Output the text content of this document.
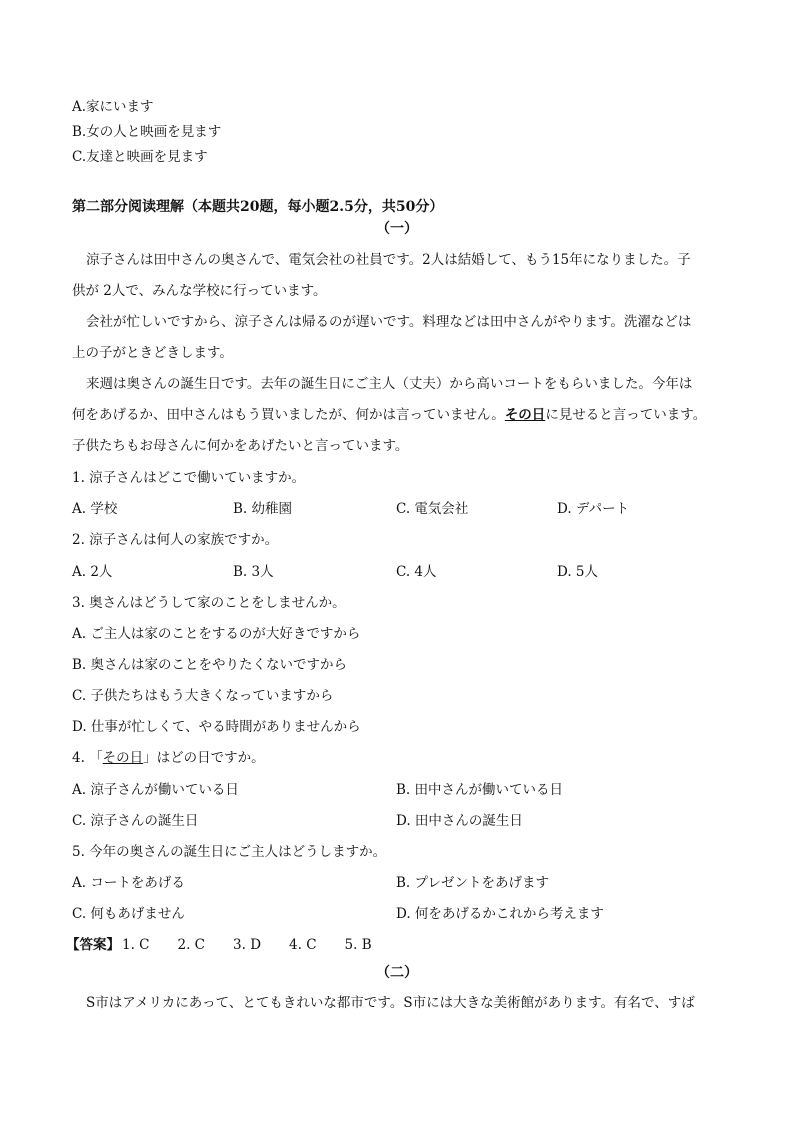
A.家にいます
B.女の人と映画を見ます
C.友達と映画を見ます
第二部分阅读理解（本题共20题，每小题2.5分，共50分）
（一）
涼子さんは田中さんの奥さんで、電気会社の社員です。2人は結婚して、もう15年になりました。子
供が 2人で、みんな学校に行っています。
会社が忙しいですから、涼子さんは帰るのが遅いです。料理などは田中さんがやります。洗濯などは
上の子がときどきします。
来週は奥さんの誕生日です。去年の誕生日にご主人（丈夫）から高いコートをもらいました。今年は
何をあげるか、田中さんはもう買いましたが、何かは言っていません。その日に見せると言っています。
子供たちもお母さんに何かをあげたいと言っています。
1. 涼子さんはどこで働いていますか。
A. 学校	B. 幼稚園	C. 電気会社	D. デパート
2. 涼子さんは何人の家族ですか。
A. 2人	B. 3人	C. 4人	D. 5人
3. 奥さんはどうして家のことをしませんか。
A. ご主人は家のことをするのが大好きですから
B. 奥さんは家のことをやりたくないですから
C. 子供たちはもう大きくなっていますから
D. 仕事が忙しくて、やる時間がありませんから
4. 「その日」はどの日ですか。
A. 涼子さんが働いている日	B. 田中さんが働いている日
C. 涼子さんの誕生日	D. 田中さんの誕生日
5. 今年の奥さんの誕生日にご主人はどうしますか。
A. コートをあげる	B. プレゼントをあげます
C. 何もあげません	D. 何をあげるかこれから考えます
【答案】 1. C 2. C 3. D 4. C 5. B
（二）
S市はアメリカにあって、とてもきれいな都市です。S市には大きな美術館があります。有名で、すば
